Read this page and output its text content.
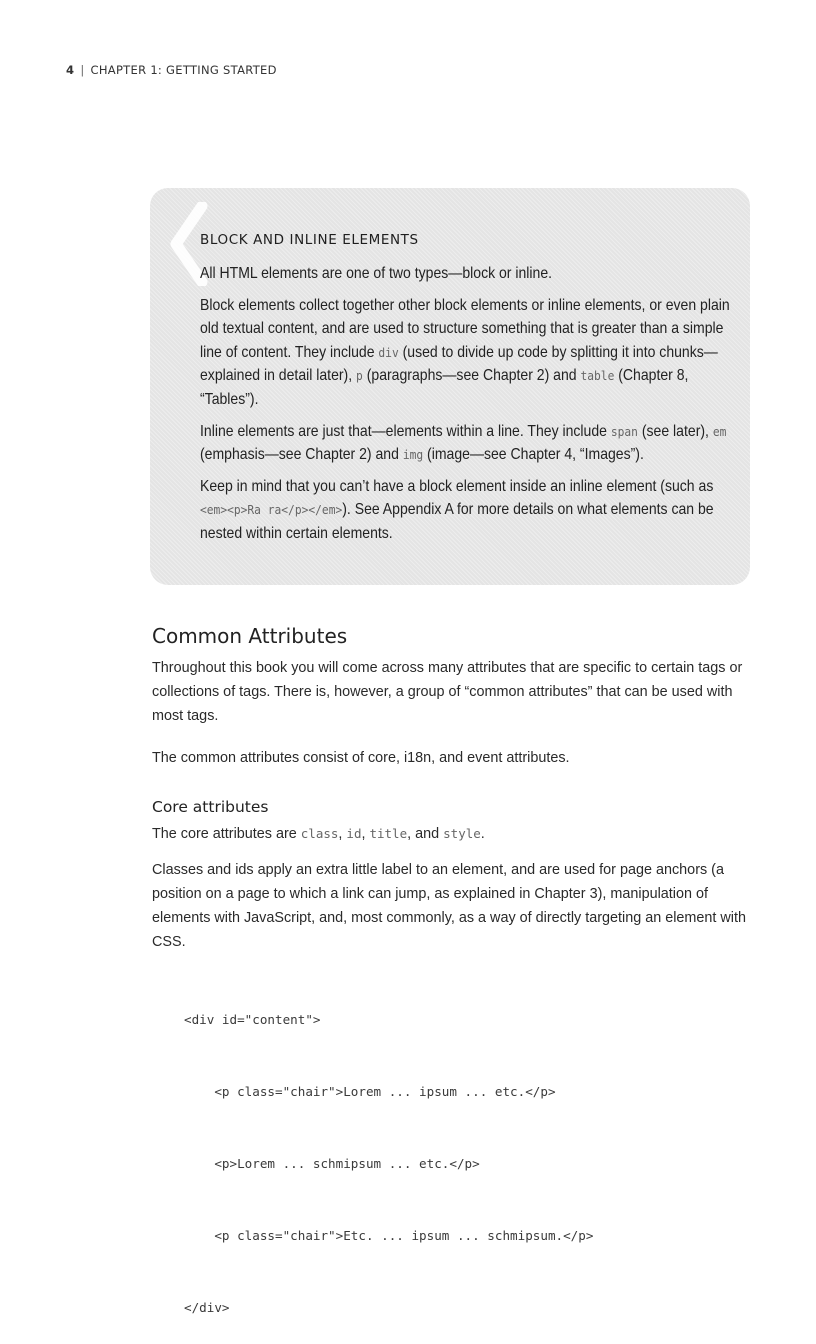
4 | CHAPTER 1: GETTING STARTED
BLOCK AND INLINE ELEMENTS

All HTML elements are one of two types—block or inline.

Block elements collect together other block elements or inline elements, or even plain old textual content, and are used to structure something that is greater than a simple line of content. They include div (used to divide up code by splitting it into chunks—explained in detail later), p (paragraphs—see Chapter 2) and table (Chapter 8, “Tables”).

Inline elements are just that—elements within a line. They include span (see later), em (emphasis—see Chapter 2) and img (image—see Chapter 4, “Images”).

Keep in mind that you can’t have a block element inside an inline element (such as <em><p>Ra ra</p></em>). See Appendix A for more details on what elements can be nested within certain elements.

Common Attributes

Throughout this book you will come across many attributes that are specific to certain tags or collections of tags. There is, however, a group of “common attributes” that can be used with most tags.

The common attributes consist of core, i18n, and event attributes.

Core attributes

The core attributes are class, id, title, and style.

Classes and ids apply an extra little label to an element, and are used for page anchors (a position on a page to which a link can jump, as explained in Chapter 3), manipulation of elements with JavaScript, and, most commonly, as a way of directly targeting an element with CSS.

<div id="content">

<p class="chair">Lorem ... ipsum ... etc.</p>

<p>Lorem ... schmipsum ... etc.</p>

<p class="chair">Etc. ... ipsum ... schmipsum.</p>

</div>
